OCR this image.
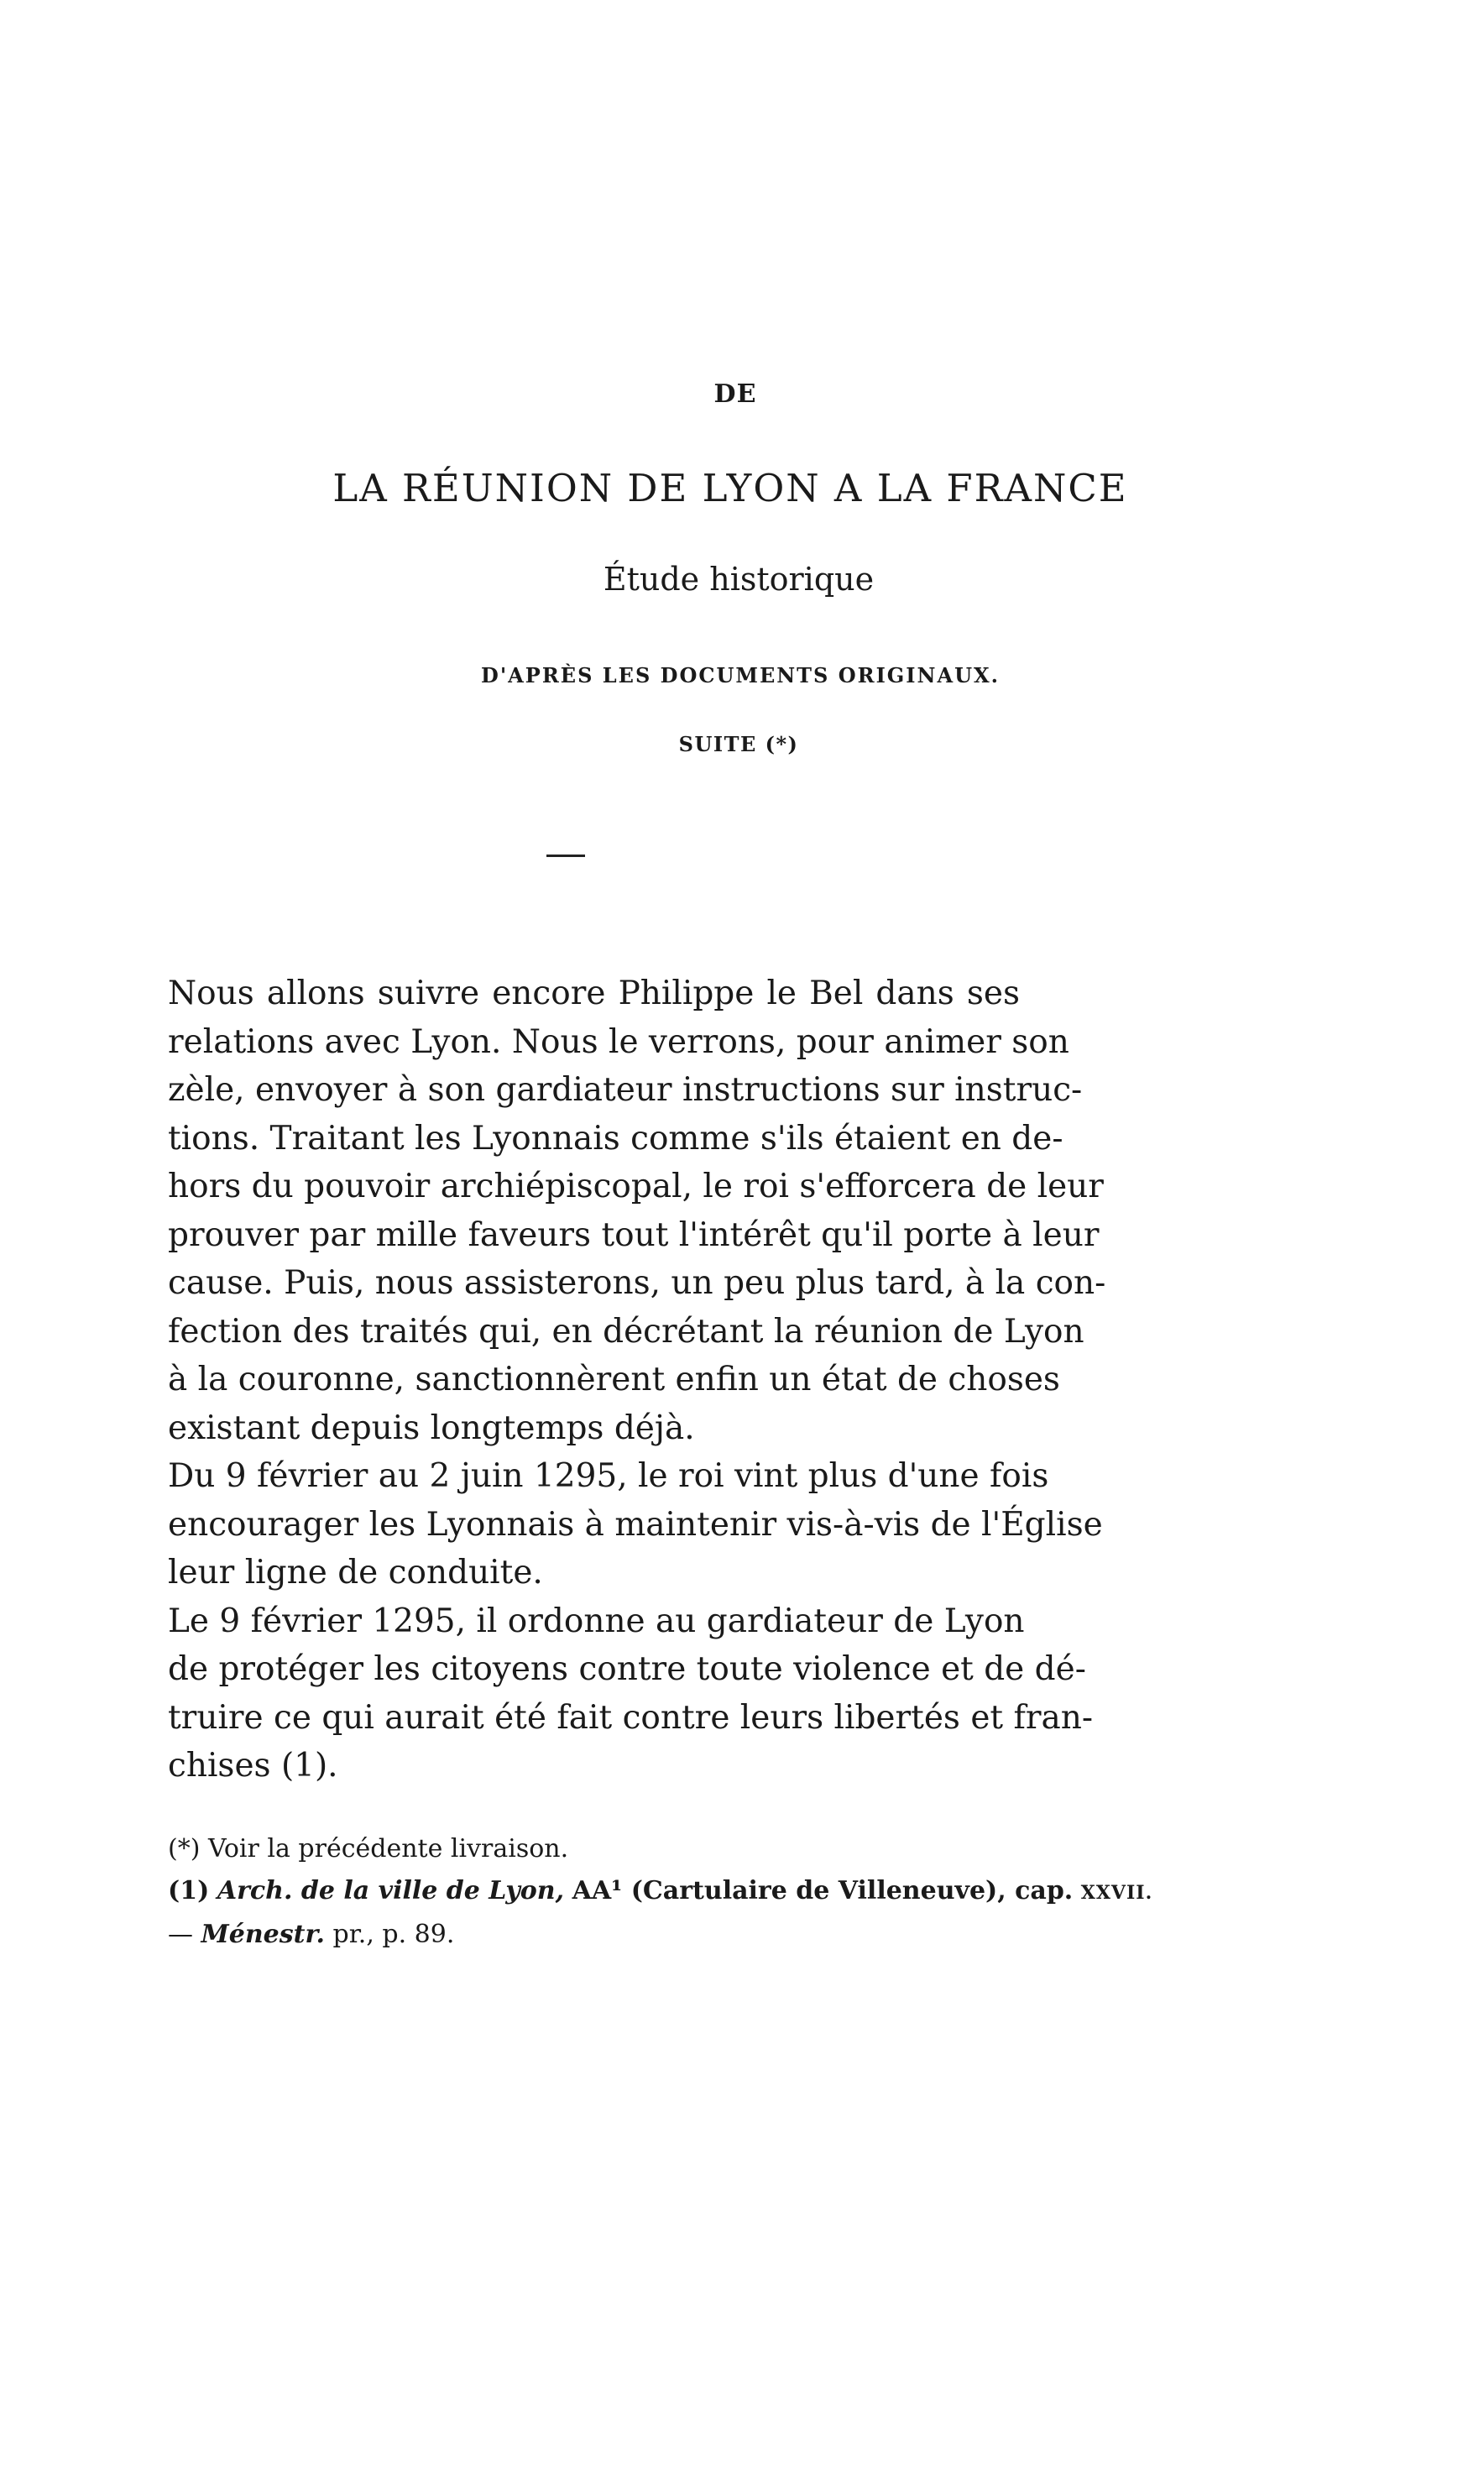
DE
LA RÉUNION DE LYON A LA FRANCE
Étude historique
D'APRÈS LES DOCUMENTS ORIGINAUX.
SUITE (*)
Nous allons suivre encore Philippe le Bel dans ses
relations avec Lyon. Nous le verrons, pour animer son
zèle, envoyer à son gardiateur instructions sur instruc-
tions. Traitant les Lyonnais comme s'ils étaient en de-
hors du pouvoir archiépiscopal, le roi s'efforcera de leur
prouver par mille faveurs tout l'intérêt qu'il porte à leur
cause. Puis, nous assisterons, un peu plus tard, à la con-
fection des traités qui, en décrétant la réunion de Lyon
à la couronne, sanctionnèrent enfin un état de choses
existant depuis longtemps déjà.
Du 9 février au 2 juin 1295, le roi vint plus d'une fois
encourager les Lyonnais à maintenir vis-à-vis de l'Église
leur ligne de conduite.
Le 9 février 1295, il ordonne au gardiateur de Lyon
de protéger les citoyens contre toute violence et de dé-
truire ce qui aurait été fait contre leurs libertés et fran-
chises (1).
(*) Voir la précédente livraison.
(1) Arch. de la ville de Lyon, AA¹ (Cartulaire de Villeneuve), cap. XXVII.
— Ménestr. pr., p. 89.
